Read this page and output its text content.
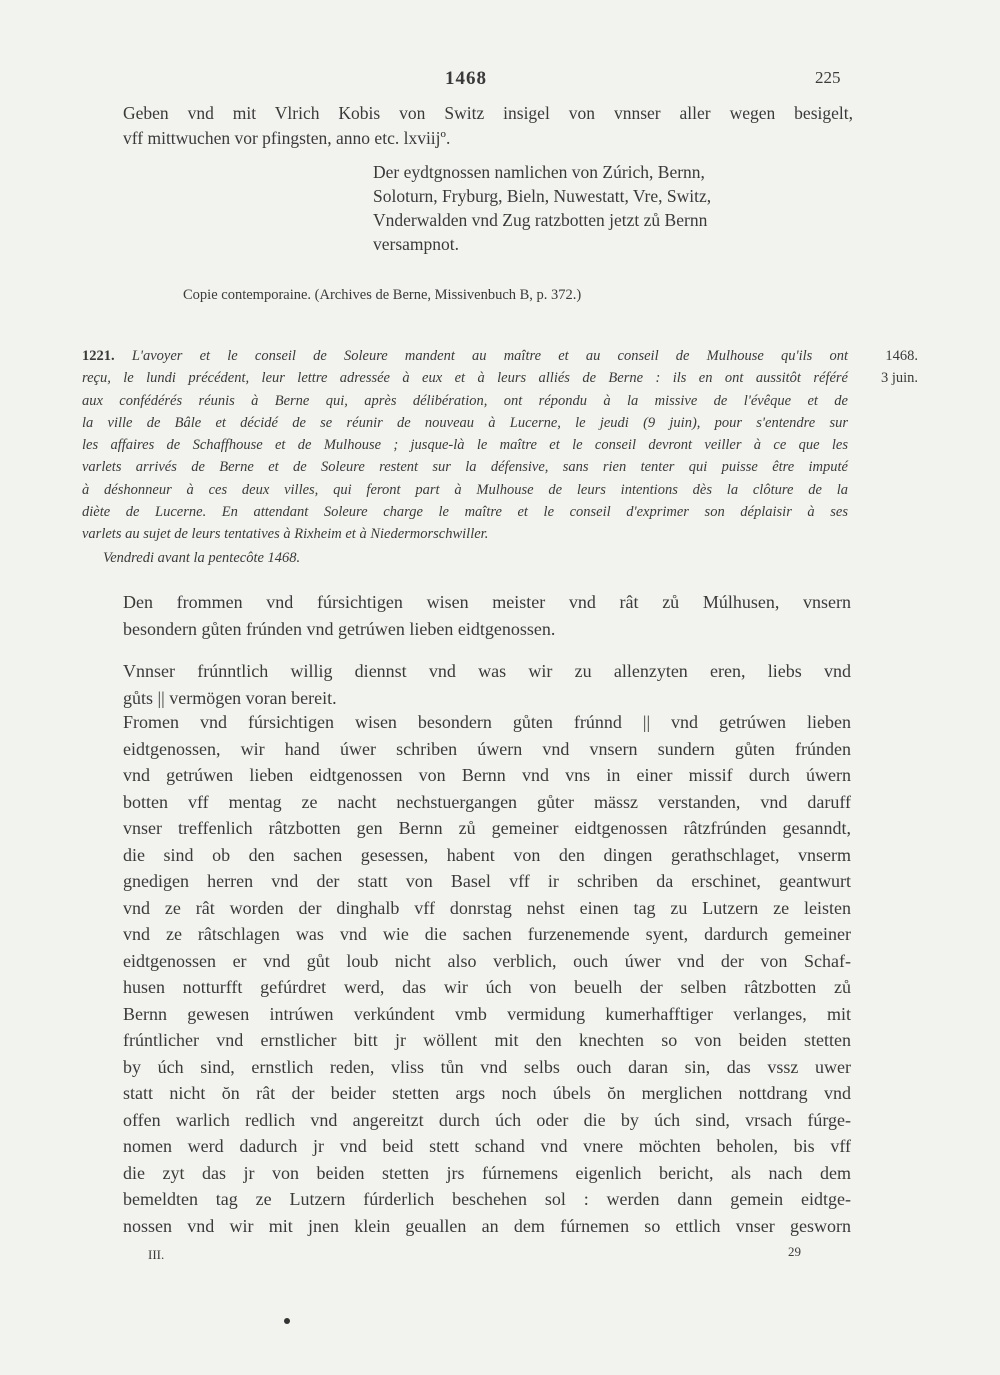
1468	225
Geben vnd mit Vlrich Kobis von Switz insigel von vnnser aller wegen besigelt,
vff mittwuchen vor pfingsten, anno etc. lxviijº.
Der eydtgnossen namlichen von Zúrich, Bernn,
Soloturn, Fryburg, Bieln, Nuwestatt, Vre, Switz,
Vnderwalden vnd Zug ratzbotten jetzt zů Bernn
versampnot.
Copie contemporaine. (Archives de Berne, Missivenbuch B, p. 372.)
1221. L'avoyer et le conseil de Soleure mandent au maître et au conseil de Mulhouse qu'ils ont
reçu, le lundi précédent, leur lettre adressée à eux et à leurs alliés de Berne : ils en ont aussitôt référé
aux confédérés réunis à Berne qui, après délibération, ont répondu à la missive de l'évêque et de
la ville de Bâle et décidé de se réunir de nouveau à Lucerne, le jeudi (9 juin), pour s'entendre sur
les affaires de Schaffhouse et de Mulhouse ; jusque-là le maître et le conseil devront veiller à ce que les
varlets arrivés de Berne et de Soleure restent sur la défensive, sans rien tenter qui puisse être imputé
à déshonneur à ces deux villes, qui feront part à Mulhouse de leurs intentions dès la clôture de la
diète de Lucerne. En attendant Soleure charge le maître et le conseil d'exprimer son déplaisir à ses
varlets au sujet de leurs tentatives à Rixheim et à Niedermorschwiller.
1468.
3 juin.
Vendredi avant la pentecôte 1468.
Den frommen vnd fúrsichtigen wisen meister vnd rât zů Múlhusen, vnsern
besondern gůten frúnden vnd getrúwen lieben eidtgenossen.
Vnnser frúnntlich willig diennst vnd was wir zu allenzyten eren, liebs vnd
gůts || vermögen voran bereit.
Fromen vnd fúrsichtigen wisen besondern gůten frúnnd || vnd getrúwen lieben
eidtgenossen, wir hand úwer schriben úwern vnd vnsern sundern gůten frúnden
vnd getrúwen lieben eidtgenossen von Bernn vnd vns in einer missif durch úwern
botten vff mentag ze nacht nechstuergangen gůter mässz verstanden, vnd daruff
vnser treffenlich râtzbotten gen Bernn zů gemeiner eidtgenossen râtzfrúnden gesanndt,
die sind ob den sachen gesessen, habent von den dingen gerathschlaget, vnserm
gnedigen herren vnd der statt von Basel vff ir schriben da erschinet, geantwurt
vnd ze rât worden der dinghalb vff donrstag nehst einen tag zu Lutzern ze leisten
vnd ze râtschlagen was vnd wie die sachen furzenemende syent, dardurch gemeiner
eidtgenossen er vnd gůt loub nicht also verblich, ouch úwer vnd der von Schaf-
husen notturfft gefúrdret werd, das wir úch von beuelh der selben râtzbotten zů
Bernn gewesen intrúwen verkúndent vmb vermidung kumerhafftiger verlanges, mit
frúntlicher vnd ernstlicher bitt jr wöllent mit den knechten so von beiden stetten
by úch sind, ernstlich reden, vliss tůn vnd selbs ouch daran sin, das vssz uwer
statt nicht ŏn rât der beider stetten args noch úbels ŏn merglichen nottdrang vnd
offen warlich redlich vnd angereitzt durch úch oder die by úch sind, vrsach fúrge-
nomen werd dadurch jr vnd beid stett schand vnd vnere möchten beholen, bis vff
die zyt das jr von beiden stetten jrs fúrnemens eigenlich bericht, als nach dem
bemeldten tag ze Lutzern fúrderlich beschehen sol : werden dann gemein eidtge-
nossen vnd wir mit jnen klein geuallen an dem fúrnemen so ettlich vnser gesworn
III.	29
